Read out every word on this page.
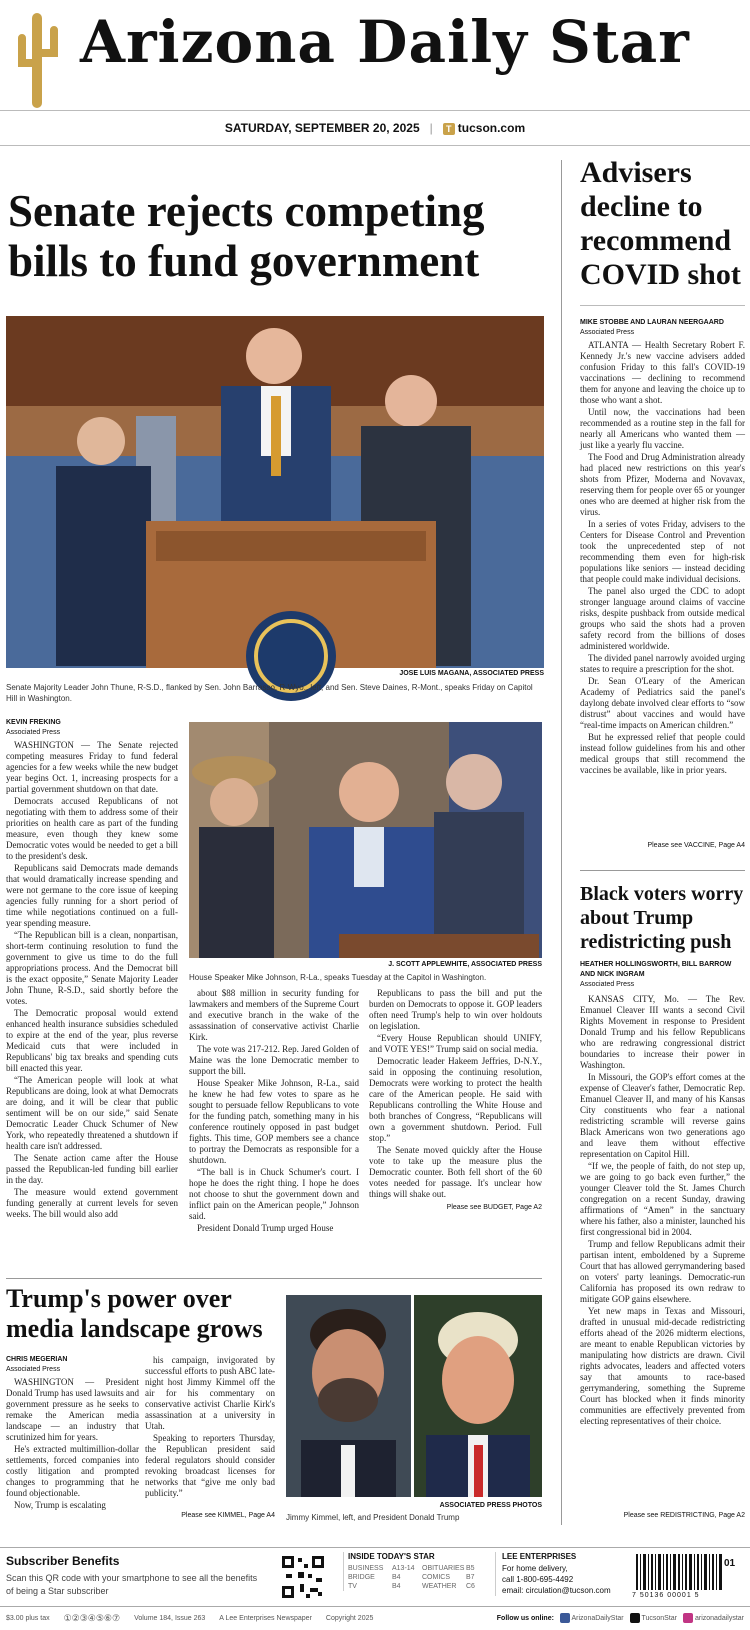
Arizona Daily Star
SATURDAY, SEPTEMBER 20, 2025 |	T tucson.com
Senate rejects competing bills to fund government
JOSE LUIS MAGANA, ASSOCIATED PRESS
Senate Majority Leader John Thune, R-S.D., flanked by Sen. John Barrasso, R-Wyo., left, and Sen. Steve Daines, R-Mont., speaks Friday on Capitol Hill in Washington.
KEVIN FREKING
Associated Press

WASHINGTON — The Senate rejected competing measures Friday to fund federal agencies for a few weeks while the new budget year begins Oct. 1, increasing prospects for a partial government shutdown on that date.

Democrats accused Republicans of not negotiating with them to address some of their priorities on health care as part of the funding measure, even though they knew some Democratic votes would be needed to get a bill to the president's desk.

Republicans said Democrats made demands that would dramatically increase spending and were not germane to the core issue of keeping agencies fully running for a short period of time while negotiations continued on a full-year spending measure.

“The Republican bill is a clean, nonpartisan, short-term continuing resolution to fund the government to give us time to do the full appropriations process. And the Democrat bill is the exact opposite,” Senate Majority Leader John Thune, R-S.D., said shortly before the votes.

The Democratic proposal would extend enhanced health insurance subsidies scheduled to expire at the end of the year, plus reverse Medicaid cuts that were included in Republicans' big tax breaks and spending cuts bill enacted this year.

“The American people will look at what Republicans are doing, look at what Democrats are doing, and it will be clear that public sentiment will be on our side,” said Senate Democratic Leader Chuck Schumer of New York, who repeatedly threatened a shutdown if health care isn't addressed.

The Senate action came after the House passed the Republican-led funding bill earlier in the day.

The measure would extend government funding generally at current levels for seven weeks. The bill would also add

J. SCOTT APPLEWHITE, ASSOCIATED PRESS
House Speaker Mike Johnson, R-La., speaks Tuesday at the Capitol in Washington.

about $88 million in security funding for lawmakers and members of the Supreme Court and executive branch in the wake of the assassination of conservative activist Charlie Kirk.

The vote was 217-212. Rep. Jared Golden of Maine was the lone Democratic member to support the bill.

House Speaker Mike Johnson, R-La., said he knew he had few votes to spare as he sought to persuade fellow Republicans to vote for the funding patch, something many in his conference routinely opposed in past budget fights. This time, GOP members see a chance to portray the Democrats as responsible for a shutdown.

“The ball is in Chuck Schumer's court. I hope he does the right thing. I hope he does not choose to shut the government down and inflict pain on the American people,” Johnson said.

President Donald Trump urged House

Republicans to pass the bill and put the burden on Democrats to oppose it. GOP leaders often need Trump's help to win over holdouts on legislation.

“Every House Republican should UNIFY, and VOTE YES!” Trump said on social media.

Democratic leader Hakeem Jeffries, D-N.Y., said in opposing the continuing resolution, Democrats were working to protect the health care of the American people. He said with Republicans controlling the White House and both branches of Congress, “Republicans will own a government shutdown. Period. Full stop.”

The Senate moved quickly after the House vote to take up the measure plus the Democratic counter. Both fell short of the 60 votes needed for passage. It's unclear how things will shake out.

Please see BUDGET, Page A2
Trump's power over media landscape grows
CHRIS MEGERIAN
Associated Press

WASHINGTON — President Donald Trump has used lawsuits and government pressure as he seeks to remake the American media landscape — an industry that scrutinized him for years.

He's extracted multimillion-dollar settlements, forced companies into costly litigation and prompted changes to programming that he found objectionable.

Now, Trump is escalating

his campaign, invigorated by successful efforts to push ABC late-night host Jimmy Kimmel off the air for his commentary on conservative activist Charlie Kirk's assassination at a university in Utah.

Speaking to reporters Thursday, the Republican president said federal regulators should consider revoking broadcast licenses for networks that “give me only bad publicity.”

Please see KIMMEL, Page A4
ASSOCIATED PRESS PHOTOS
Jimmy Kimmel, left, and President Donald Trump
Advisers decline to recommend COVID shot
MIKE STOBBE AND LAURAN NEERGAARD
Associated Press

ATLANTA — Health Secretary Robert F. Kennedy Jr.'s new vaccine advisers added confusion Friday to this fall's COVID-19 vaccinations — declining to recommend them for anyone and leaving the choice up to those who want a shot.

Until now, the vaccinations had been recommended as a routine step in the fall for nearly all Americans who wanted them — just like a yearly flu vaccine.

The Food and Drug Administration already had placed new restrictions on this year's shots from Pfizer, Moderna and Novavax, reserving them for people over 65 or younger ones who are deemed at higher risk from the virus.

In a series of votes Friday, advisers to the Centers for Disease Control and Prevention took the unprecedented step of not recommending them even for high-risk populations like seniors — instead deciding that people could make individual decisions.

The panel also urged the CDC to adopt stronger language around claims of vaccine risks, despite pushback from outside medical groups who said the shots had a proven safety record from the billions of doses administered worldwide.

The divided panel narrowly avoided urging states to require a prescription for the shot.

Dr. Sean O'Leary of the American Academy of Pediatrics said the panel's daylong debate involved clear efforts to “sow distrust” about vaccines and would have “real-time impacts on American children.”

But he expressed relief that people could instead follow guidelines from his and other medical groups that still recommend the vaccines be available, like in prior years.

Please see VACCINE, Page A4
Black voters worry about Trump redistricting push
HEATHER HOLLINGSWORTH, BILL BARROW AND NICK INGRAM
Associated Press

KANSAS CITY, Mo. — The Rev. Emanuel Cleaver III wants a second Civil Rights Movement in response to President Donald Trump and his fellow Republicans who are redrawing congressional district boundaries to increase their power in Washington.

In Missouri, the GOP's effort comes at the expense of Cleaver's father, Democratic Rep. Emanuel Cleaver II, and many of his Kansas City constituents who fear a national redistricting scramble will reverse gains Black Americans won two generations ago and leave them without effective representation on Capitol Hill.

“If we, the people of faith, do not step up, we are going to go back even further,” the younger Cleaver told the St. James Church congregation on a recent Sunday, drawing affirmations of “Amen” in the sanctuary where his father, also a minister, launched his first congressional bid in 2004.

Trump and fellow Republicans admit their partisan intent, emboldened by a Supreme Court that has allowed gerrymandering based on voters' party leanings. Democratic-run California has proposed its own redraw to mitigate GOP gains elsewhere.

Yet new maps in Texas and Missouri, drafted in unusual mid-decade redistricting efforts ahead of the 2026 midterm elections, are meant to enable Republican victories by manipulating how districts are drawn. Civil rights advocates, leaders and affected voters say that amounts to race-based gerrymandering, something the Supreme Court has blocked when it finds minority communities are effectively prevented from electing representatives of their choice.

Please see REDISTRICTING, Page A2
Subscriber Benefits
Scan this QR code with your smartphone to see all the benefits of being a Star subscriber
INSIDE TODAY'S STAR
BUSINESS	A13-14	OBITUARIES B5
BRIDGE	B4	COMICS	B7
TV	B4	WEATHER	C6
LEE ENTERPRISES
For home delivery,
call 1-800-695-4492
email: circulation@tucson.com
7 50136 00001 5
01
$3.00 plus tax ①②③④⑤⑥⑦ Volume 184, Issue 263 A Lee Enterprises Newspaper Copyright 2025	Follow us online:	ArizonaDailyStar	TucsonStar	arizonadailystar
